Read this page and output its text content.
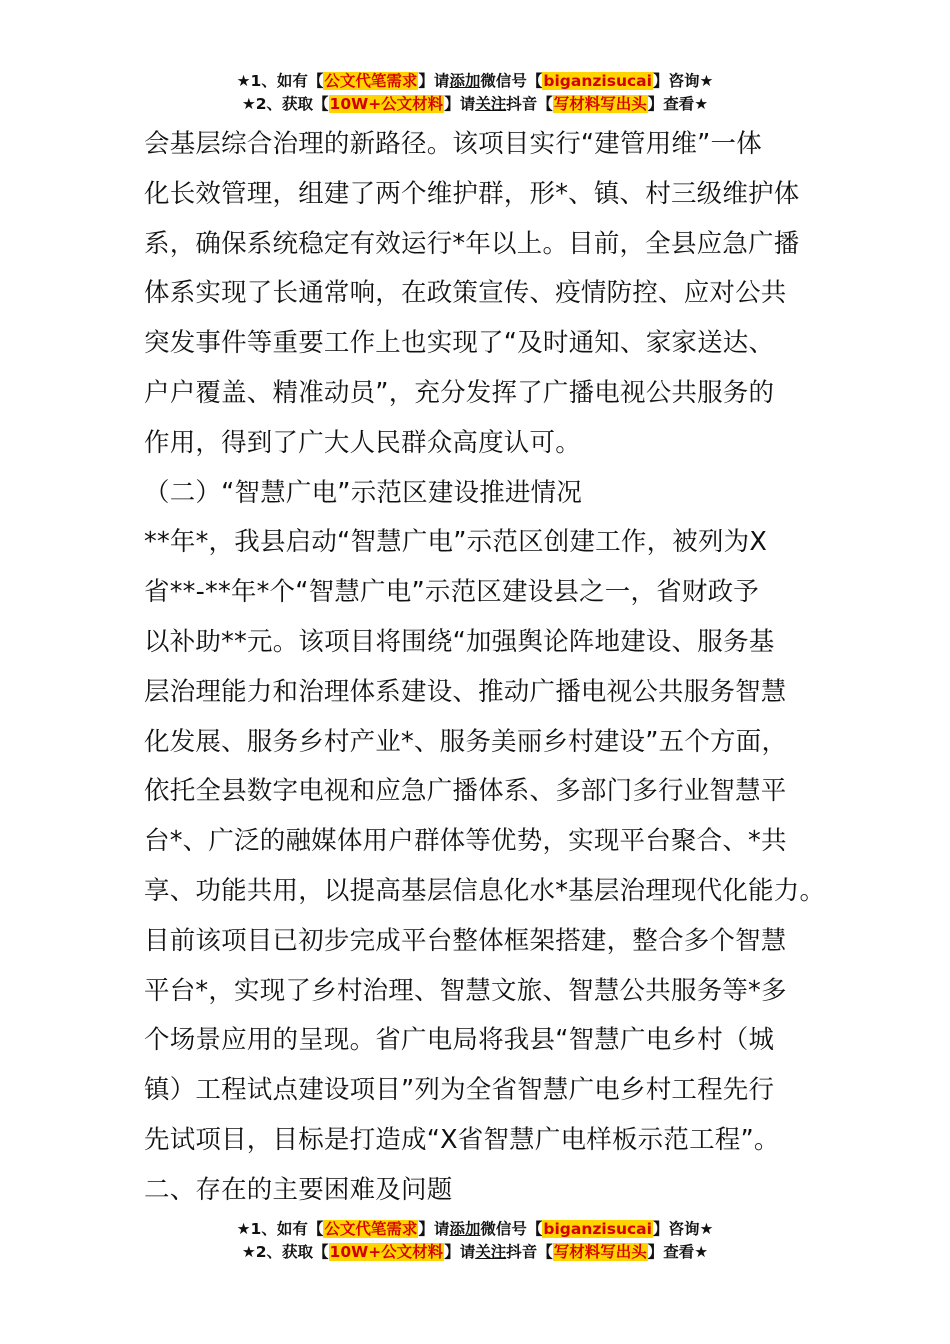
★1、如有【公文代笔需求】请添加微信号【biganzisucai】咨询★
★2、获取【10W+公文材料】请关注抖音【写材料写出头】查看★
会基层综合治理的新路径。该项目实行“建管用维”一体
化长效管理，组建了两个维护群，形*、镇、村三级维护体
系，确保系统稳定有效运行*年以上。目前，全县应急广播
体系实现了长通常响，在政策宣传、疫情防控、应对公共
突发事件等重要工作上也实现了“及时通知、家家送达、
户户覆盖、精准动员”，充分发挥了广播电视公共服务的
作用，得到了广大人民群众高度认可。
（二）“智慧广电”示范区建设推进情况
**年*，我县启动“智慧广电”示范区创建工作，被列为X
省**-**年*个“智慧广电”示范区建设县之一，省财政予
以补助**元。该项目将围绕“加强舆论阵地建设、服务基
层治理能力和治理体系建设、推动广播电视公共服务智慧
化发展、服务乡村产业*、服务美丽乡村建设”五个方面，
依托全县数字电视和应急广播体系、多部门多行业智慧平
台*、广泛的融媒体用户群体等优势，实现平台聚合、*共
享、功能共用，以提高基层信息化水*基层治理现代化能力。
目前该项目已初步完成平台整体框架搭建，整合多个智慧
平台*，实现了乡村治理、智慧文旅、智慧公共服务等*多
个场景应用的呈现。省广电局将我县“智慧广电乡村（城
镇）工程试点建设项目”列为全省智慧广电乡村工程先行
先试项目，目标是打造成“X省智慧广电样板示范工程”。
二、存在的主要困难及问题
★1、如有【公文代笔需求】请添加微信号【biganzisucai】咨询★
★2、获取【10W+公文材料】请关注抖音【写材料写出头】查看★
